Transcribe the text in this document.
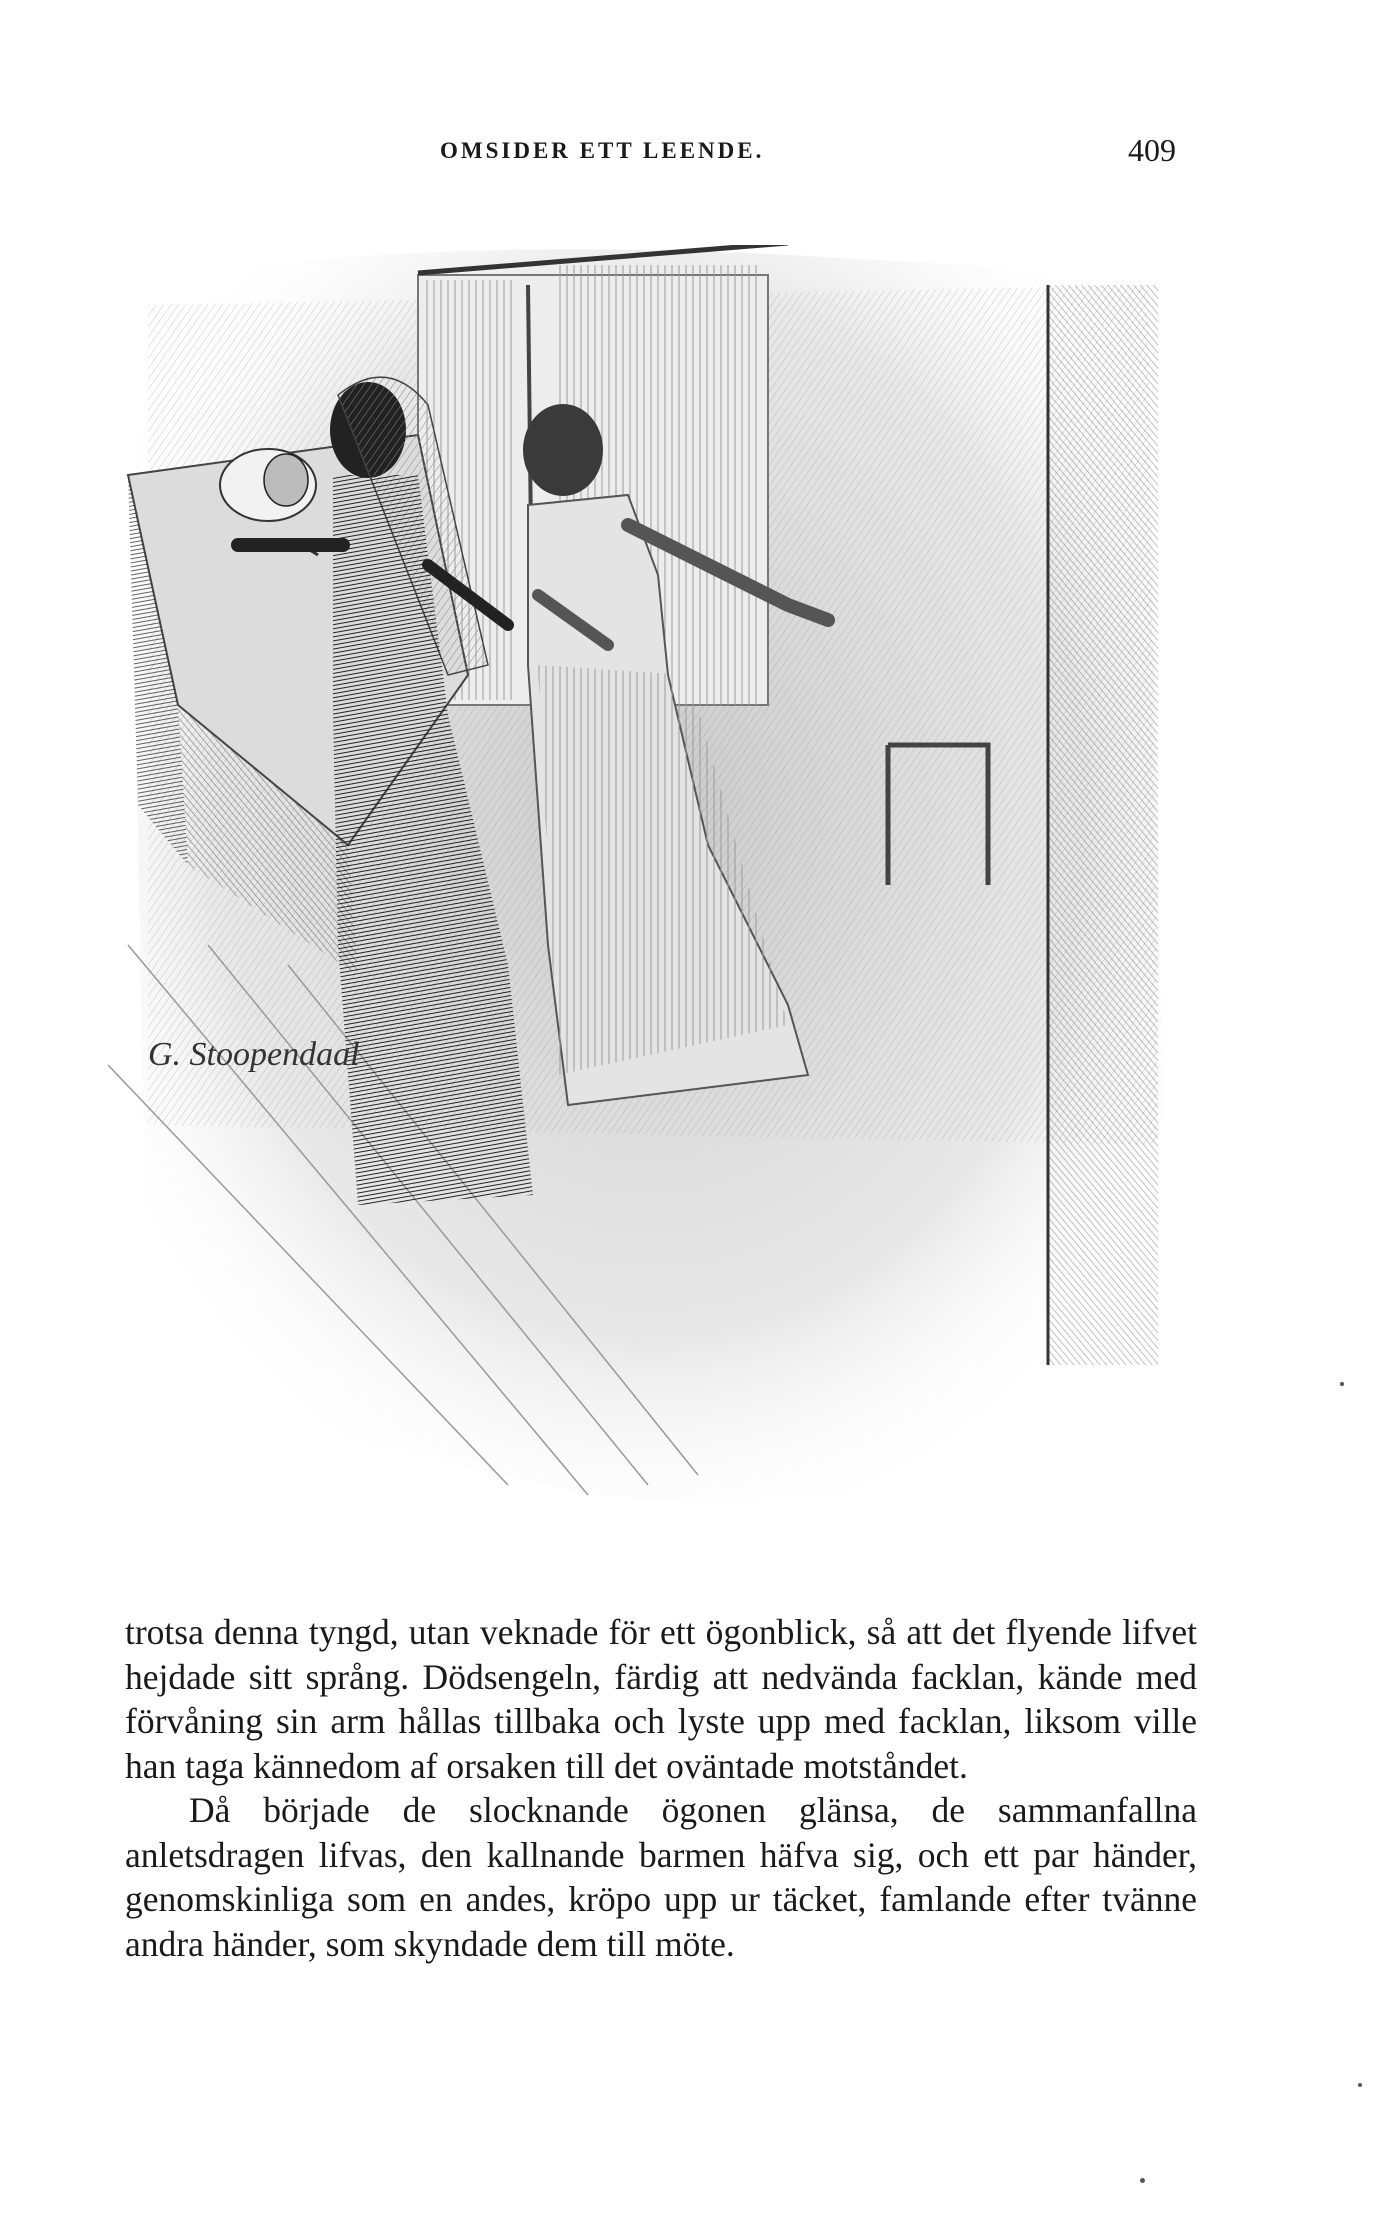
OMSIDER ETT LEENDE.	409
G. Stoopendaal

trotsa denna tyngd, utan veknade för ett ögonblick, så att det flyende lifvet hejdade sitt språng. Dödsengeln, färdig att nedvända facklan, kände med förvåning sin arm hållas tillbaka och lyste upp med facklan, liksom ville han taga kännedom af orsaken till det oväntade motståndet.

Då började de slocknande ögonen glänsa, de sammanfallna anletsdragen lifvas, den kallnande barmen häfva sig, och ett par händer, genomskinliga som en andes, kröpo upp ur täcket, famlande efter tvänne andra händer, som skyndade dem till möte.
